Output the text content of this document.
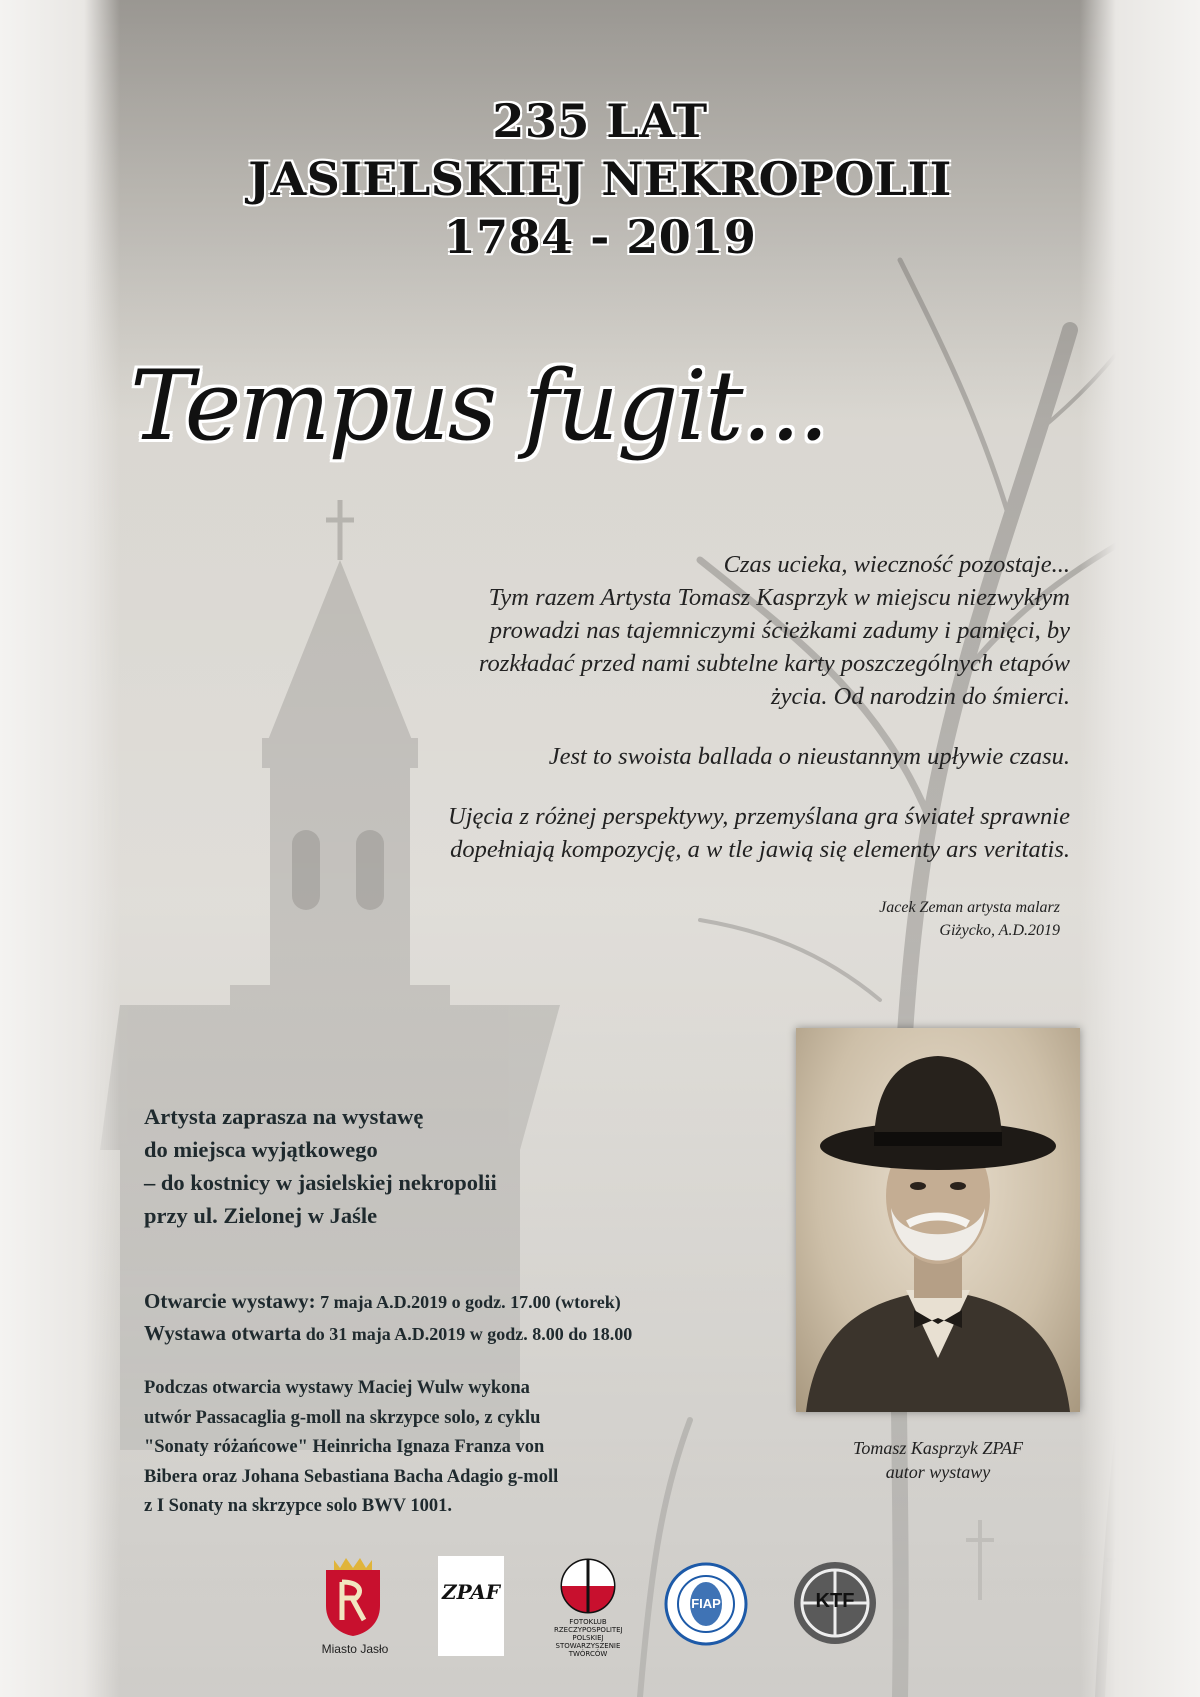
235 LAT
JASIELSKIEJ NEKROPOLII
1784 - 2019
Tempus fugit...

Czas ucieka, wieczność pozostaje...
Tym razem Artysta Tomasz Kasprzyk w miejscu niezwykłym
prowadzi nas tajemniczymi ścieżkami zadumy i pamięci, by
rozkładać przed nami subtelne karty poszczególnych etapów
życia. Od narodzin do śmierci.

Jest to swoista ballada o nieustannym upływie czasu.

Ujęcia z różnej perspektywy, przemyślana gra świateł sprawnie
dopełniają kompozycję, a w tle jawią się elementy ars veritatis.

Jacek Zeman artysta malarz
Giżycko, A.D.2019
Tomasz Kasprzyk ZPAF
autor wystawy
Artysta zaprasza na wystawę
do miejsca wyjątkowego
– do kostnicy w jasielskiej nekropolii
przy ul. Zielonej w Jaśle
Otwarcie wystawy: 7 maja A.D.2019 o godz. 17.00 (wtorek)
Wystawa otwarta do 31 maja A.D.2019 w godz. 8.00 do 18.00
Podczas otwarcia wystawy Maciej Wulw wykona
utwór Passacaglia g-moll na skrzypce solo, z cyklu
"Sonaty różańcowe" Heinricha Ignaza Franza von
Bibera oraz Johana Sebastiana Bacha Adagio g-moll
z I Sonaty na skrzypce solo BWV 1001.
Miasto Jasło
ZPAF
FOTOKLUB RZECZYPOSPOLITEJ POLSKIEJ STOWARZYSZENIE TWÓRCÓW
FIAP	KTF
